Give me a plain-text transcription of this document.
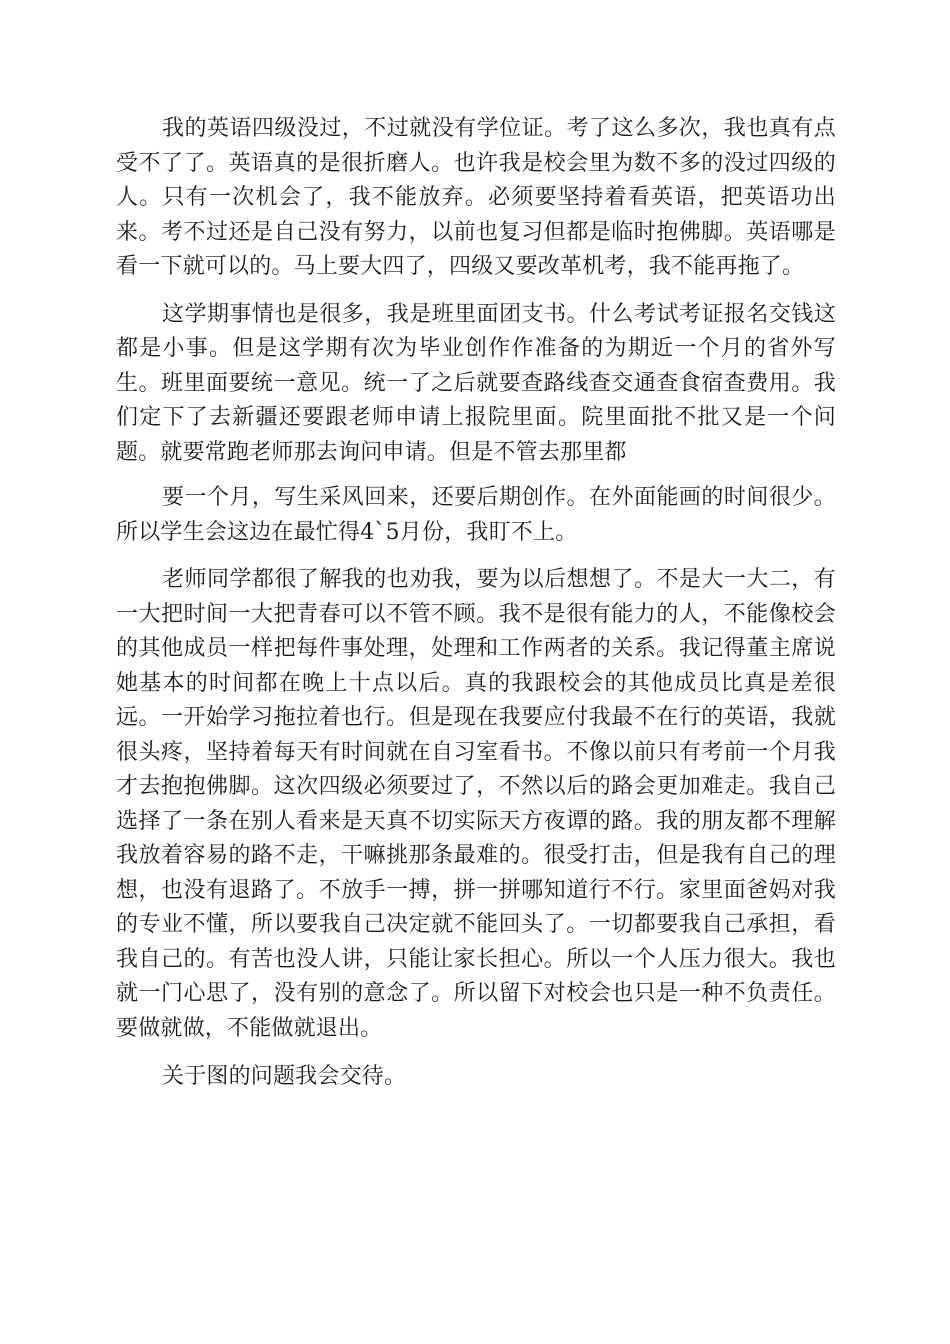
我的英语四级没过，不过就没有学位证。考了这么多次，我也真有点受不了了。英语真的是很折磨人。也许我是校会里为数不多的没过四级的人。只有一次机会了，我不能放弃。必须要坚持着看英语，把英语功出来。考不过还是自己没有努力，以前也复习但都是临时抱佛脚。英语哪是看一下就可以的。马上要大四了，四级又要改革机考，我不能再拖了。

这学期事情也是很多，我是班里面团支书。什么考试考证报名交钱这都是小事。但是这学期有次为毕业创作作准备的为期近一个月的省外写生。班里面要统一意见。统一了之后就要查路线查交通查食宿查费用。我们定下了去新疆还要跟老师申请上报院里面。院里面批不批又是一个问题。就要常跑老师那去询问申请。但是不管去那里都

要一个月，写生采风回来，还要后期创作。在外面能画的时间很少。所以学生会这边在最忙得4`5月份，我盯不上。

老师同学都很了解我的也劝我，要为以后想想了。不是大一大二，有一大把时间一大把青春可以不管不顾。我不是很有能力的人，不能像校会的其他成员一样把每件事处理，处理和工作两者的关系。我记得董主席说她基本的时间都在晚上十点以后。真的我跟校会的其他成员比真是差很远。一开始学习拖拉着也行。但是现在我要应付我最不在行的英语，我就很头疼，坚持着每天有时间就在自习室看书。不像以前只有考前一个月我才去抱抱佛脚。这次四级必须要过了，不然以后的路会更加难走。我自己选择了一条在别人看来是天真不切实际天方夜谭的路。我的朋友都不理解我放着容易的路不走，干嘛挑那条最难的。很受打击，但是我有自己的理想，也没有退路了。不放手一搏，拼一拼哪知道行不行。家里面爸妈对我的专业不懂，所以要我自己决定就不能回头了。一切都要我自己承担，看我自己的。有苦也没人讲，只能让家长担心。所以一个人压力很大。我也就一门心思了，没有别的意念了。所以留下对校会也只是一种不负责任。要做就做，不能做就退出。

关于图的问题我会交待。
